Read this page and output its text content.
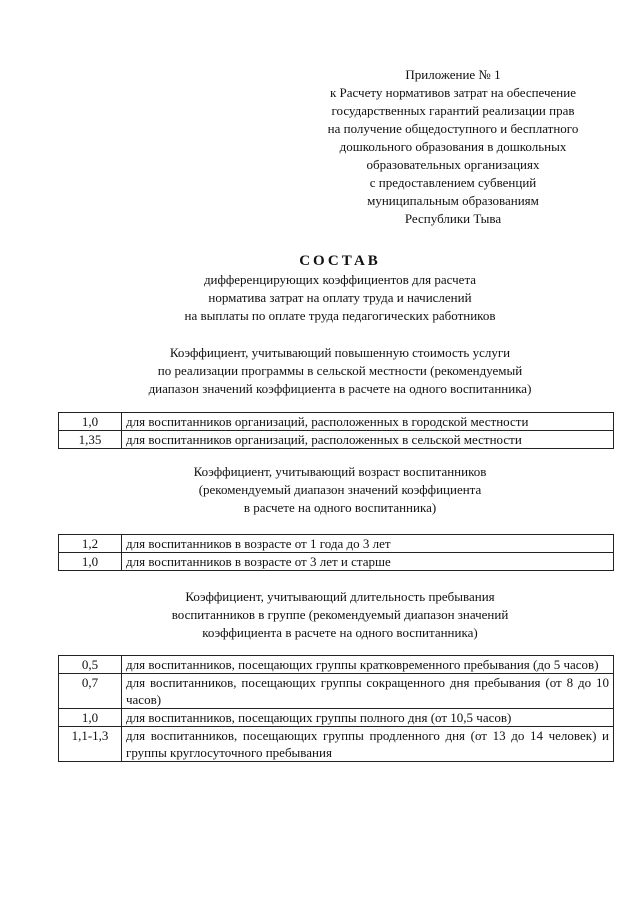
Приложение № 1
к Расчету нормативов затрат на обеспечение
государственных гарантий реализации прав
на получение общедоступного и бесплатного
дошкольного образования в дошкольных
образовательных организациях
с предоставлением субвенций
муниципальным образованиям
Республики Тыва
СОСТАВ
дифференцирующих коэффициентов для расчета
норматива затрат на оплату труда и начислений
на выплаты по оплате труда педагогических работников
Коэффициент, учитывающий повышенную стоимость услуги
по реализации программы в сельской местности (рекомендуемый
диапазон значений коэффициента в расчете на одного воспитанника)
1,0	для воспитанников организаций, расположенных в городской местности
1,35	для воспитанников организаций, расположенных в сельской местности
Коэффициент, учитывающий возраст воспитанников
(рекомендуемый диапазон значений коэффициента
в расчете на одного воспитанника)
1,2	для воспитанников в возрасте от 1 года до 3 лет
1,0	для воспитанников в возрасте от 3 лет и старше
Коэффициент, учитывающий длительность пребывания
воспитанников в группе (рекомендуемый диапазон значений
коэффициента в расчете на одного воспитанника)
0,5	для воспитанников, посещающих группы кратковременного пребывания (до 5 часов)
0,7	для воспитанников, посещающих группы сокращенного дня пребывания (от 8 до 10 часов)
1,0	для воспитанников, посещающих группы полного дня (от 10,5 часов)
1,1-1,3	для воспитанников, посещающих группы продленного дня (от 13 до 14 человек) и группы круглосуточного пребывания
